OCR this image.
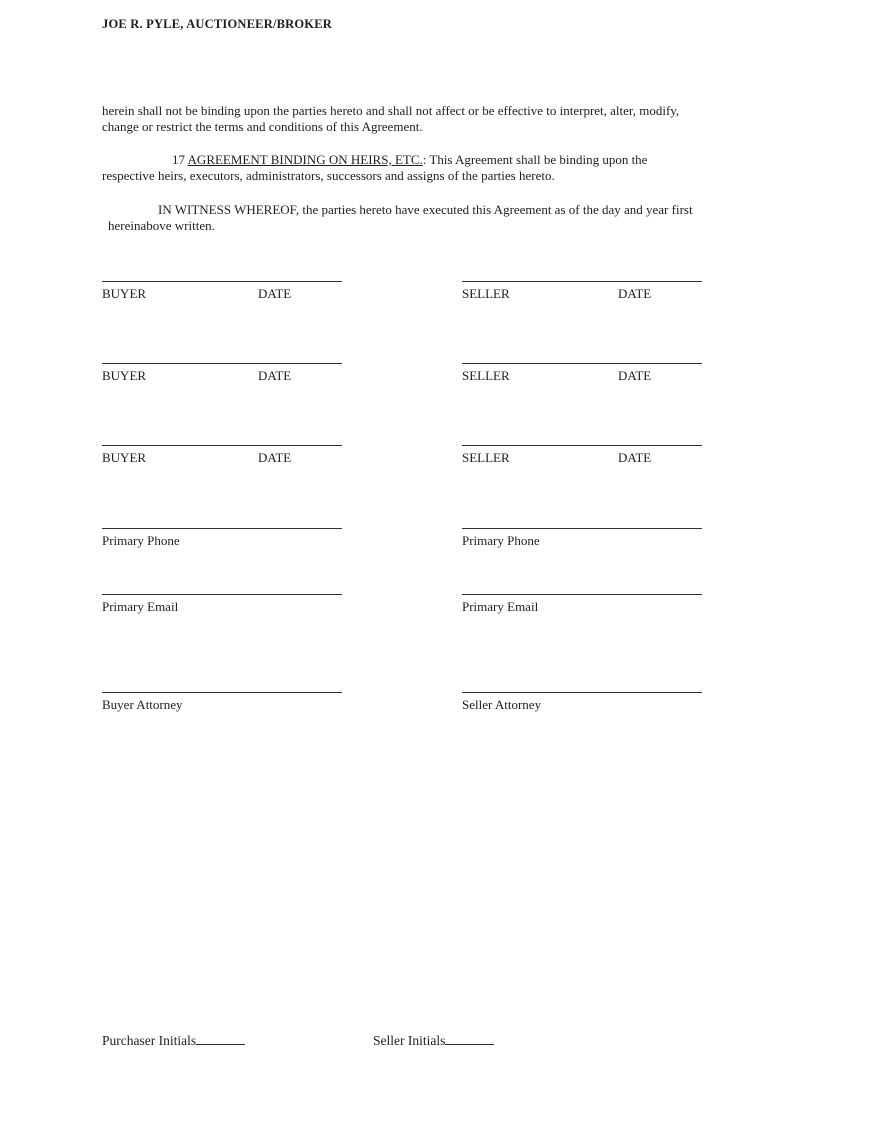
JOE R. PYLE, AUCTIONEER/BROKER

herein shall not be binding upon the parties hereto and shall not affect or be effective to interpret, alter, modify,
change or restrict the terms and conditions of this Agreement.

17 AGREEMENT BINDING ON HEIRS, ETC.: This Agreement shall be binding upon the
respective heirs, executors, administrators, successors and assigns of the parties hereto.

IN WITNESS WHEREOF, the parties hereto have executed this Agreement as of the day and year first
hereinabove written.

BUYER	DATE	SELLER	DATE
BUYER	DATE	SELLER	DATE
BUYER	DATE	SELLER	DATE
Primary Phone	Primary Phone
Primary Email	Primary Email
Buyer Attorney	Seller Attorney
Purchaser Initials	Seller Initials
